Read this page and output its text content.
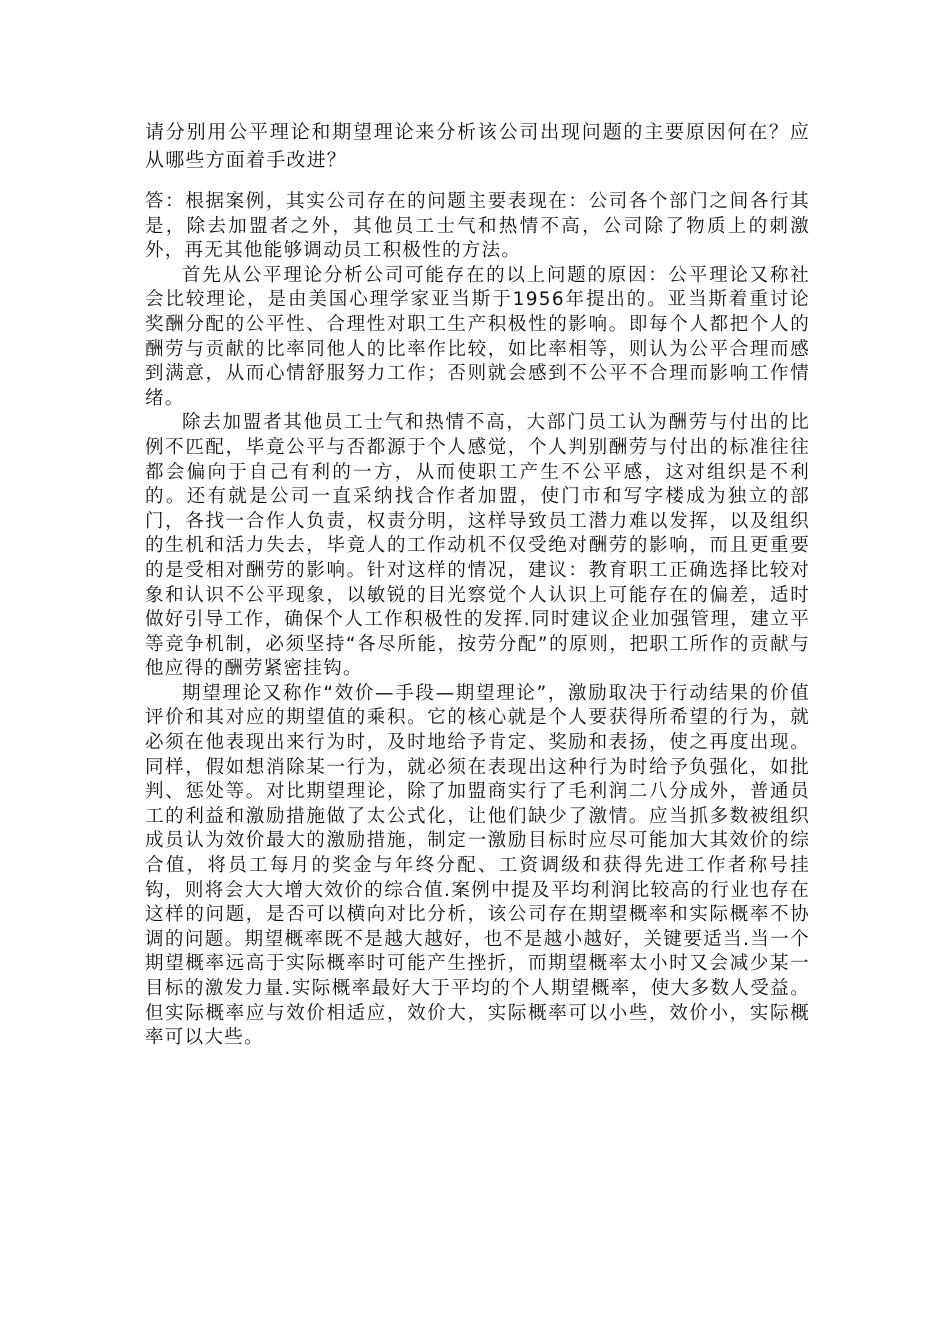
请分别用公平理论和期望理论来分析该公司出现问题的主要原因何在？应从哪些方面着手改进？

答：根据案例，其实公司存在的问题主要表现在：公司各个部门之间各行其是，除去加盟者之外，其他员工士气和热情不高，公司除了物质上的刺激外，再无其他能够调动员工积极性的方法。

首先从公平理论分析公司可能存在的以上问题的原因：公平理论又称社会比较理论，是由美国心理学家亚当斯于1956年提出的。亚当斯着重讨论奖酬分配的公平性、合理性对职工生产积极性的影响。即每个人都把个人的酬劳与贡献的比率同他人的比率作比较，如比率相等，则认为公平合理而感到满意，从而心情舒服努力工作；否则就会感到不公平不合理而影响工作情绪。

除去加盟者其他员工士气和热情不高，大部门员工认为酬劳与付出的比例不匹配，毕竟公平与否都源于个人感觉，个人判别酬劳与付出的标准往往都会偏向于自己有利的一方，从而使职工产生不公平感，这对组织是不利的。还有就是公司一直采纳找合作者加盟，使门市和写字楼成为独立的部门，各找一合作人负责，权责分明，这样导致员工潜力难以发挥，以及组织的生机和活力失去，毕竟人的工作动机不仅受绝对酬劳的影响，而且更重要的是受相对酬劳的影响。针对这样的情况，建议：教育职工正确选择比较对象和认识不公平现象，以敏锐的目光察觉个人认识上可能存在的偏差，适时做好引导工作，确保个人工作积极性的发挥.同时建议企业加强管理，建立平等竞争机制，必须坚持“各尽所能，按劳分配”的原则，把职工所作的贡献与他应得的酬劳紧密挂钩。

期望理论又称作“效价—手段—期望理论”，激励取决于行动结果的价值评价和其对应的期望值的乘积。它的核心就是个人要获得所希望的行为，就必须在他表现出来行为时，及时地给予肯定、奖励和表扬，使之再度出现。同样，假如想消除某一行为，就必须在表现出这种行为时给予负强化，如批判、惩处等。对比期望理论，除了加盟商实行了毛利润二八分成外，普通员工的利益和激励措施做了太公式化，让他们缺少了激情。应当抓多数被组织成员认为效价最大的激励措施，制定一激励目标时应尽可能加大其效价的综合值，将员工每月的奖金与年终分配、工资调级和获得先进工作者称号挂钩，则将会大大增大效价的综合值.案例中提及平均利润比较高的行业也存在这样的问题，是否可以横向对比分析，该公司存在期望概率和实际概率不协调的问题。期望概率既不是越大越好，也不是越小越好，关键要适当.当一个期望概率远高于实际概率时可能产生挫折，而期望概率太小时又会减少某一目标的激发力量.实际概率最好大于平均的个人期望概率，使大多数人受益。但实际概率应与效价相适应，效价大，实际概率可以小些，效价小，实际概率可以大些。
